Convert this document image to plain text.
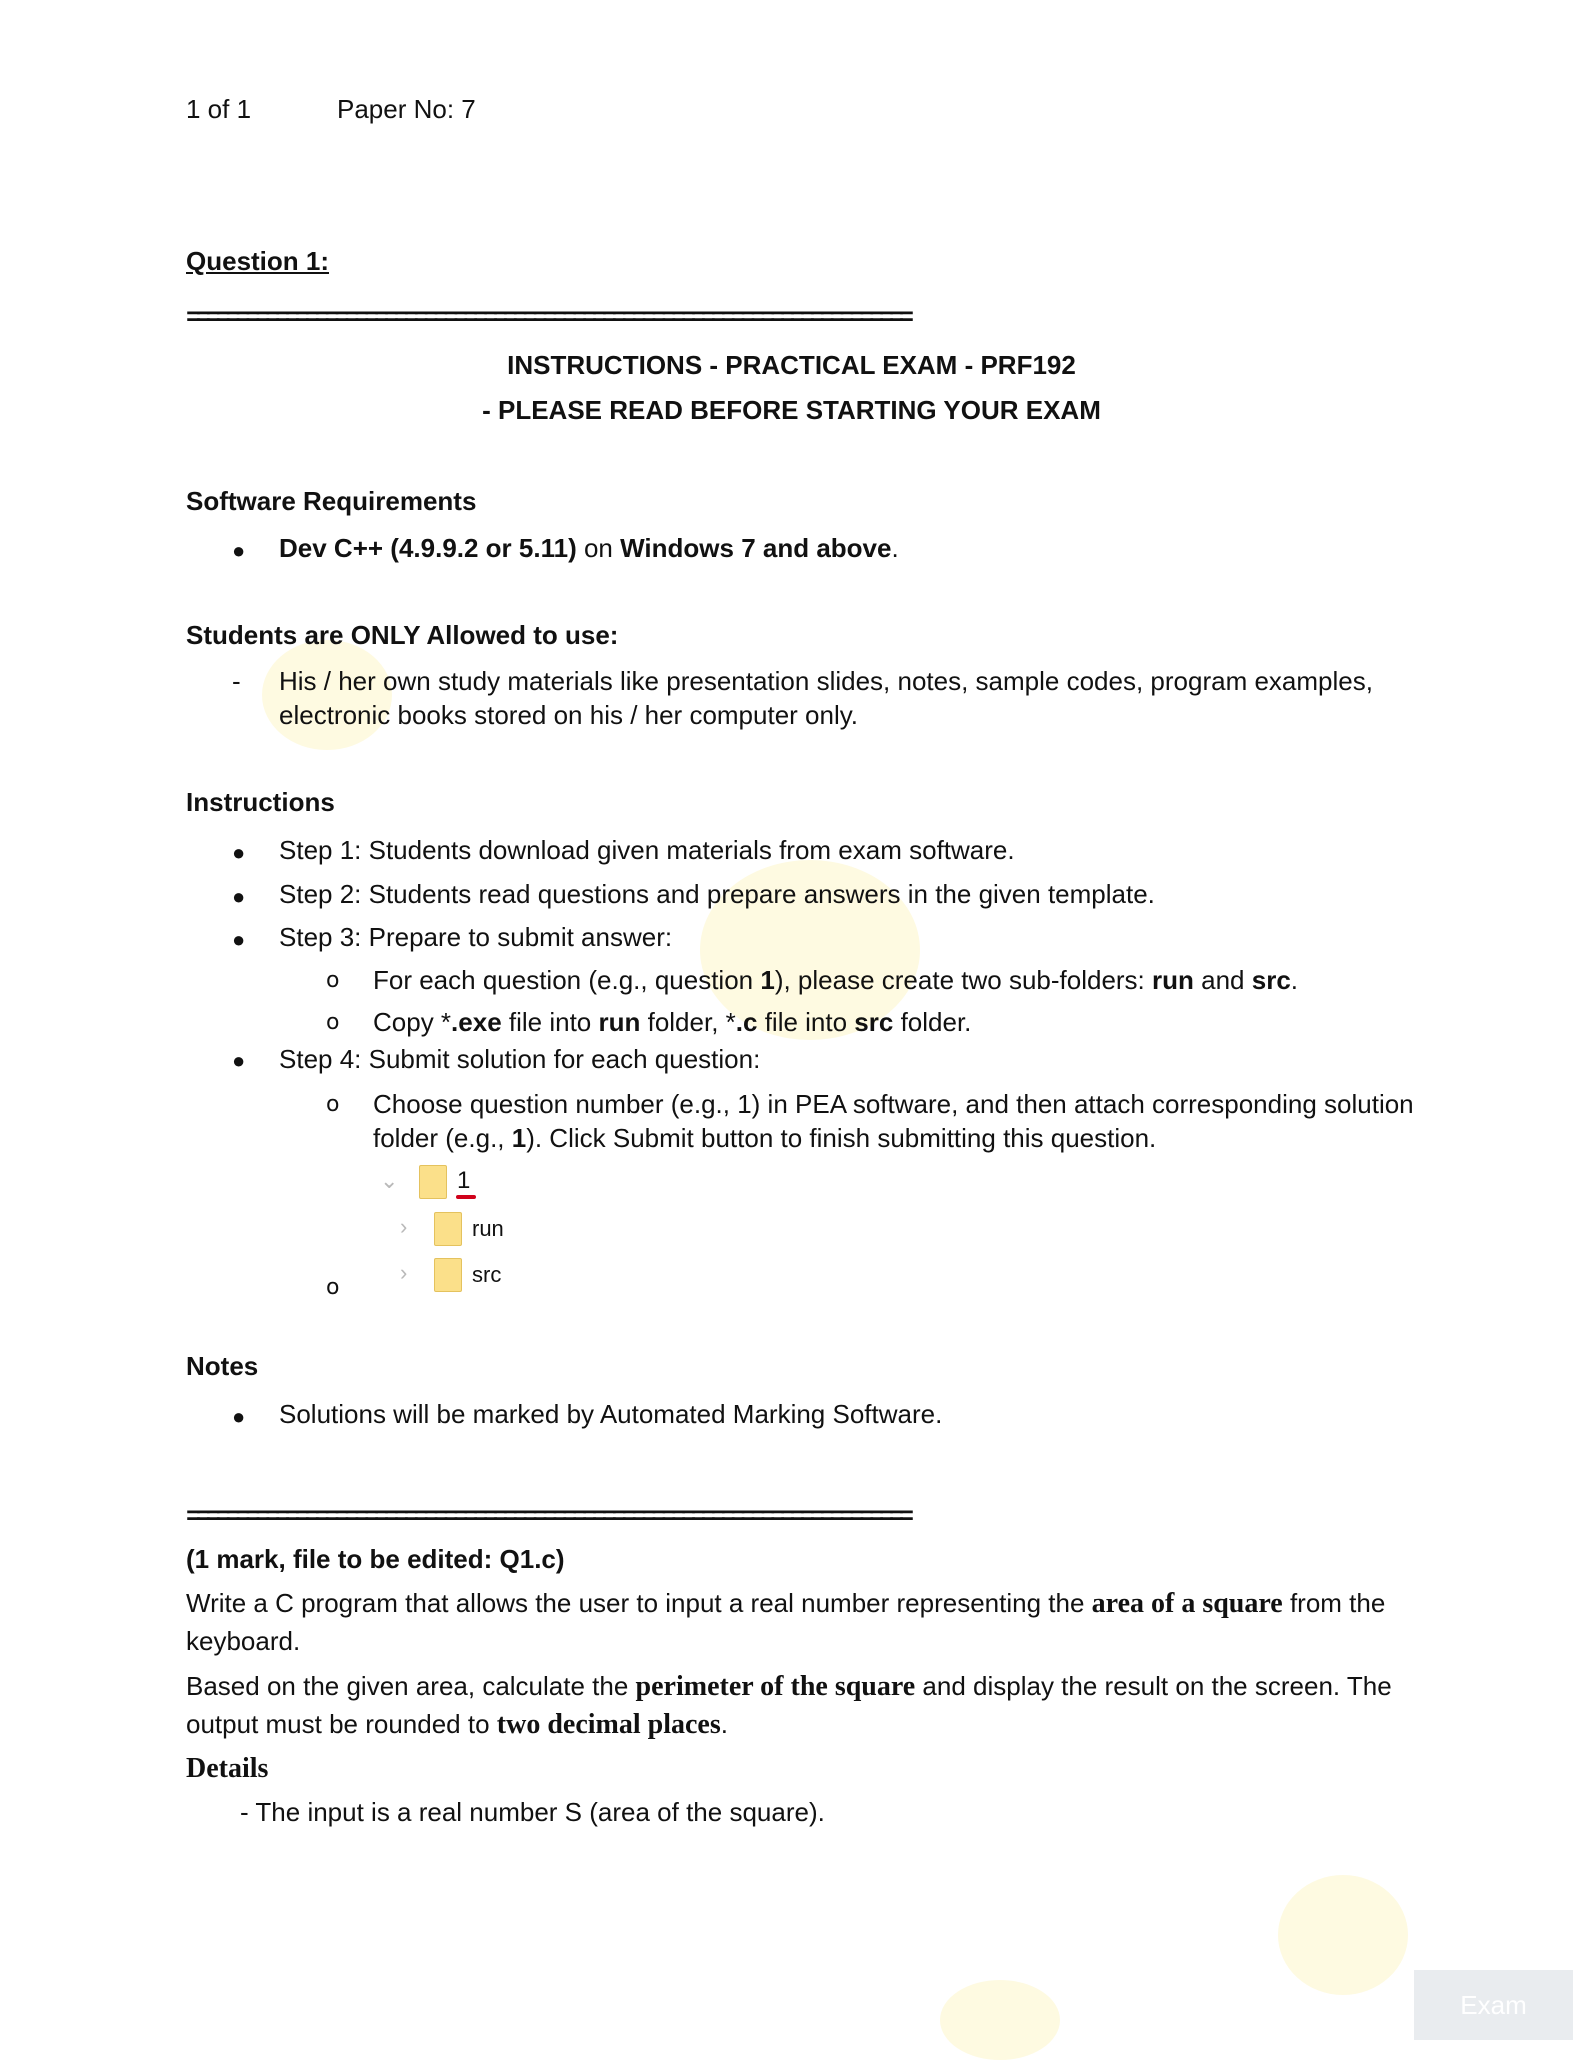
1 of 1	Paper No: 7
Question 1:
=========================================================================
INSTRUCTIONS - PRACTICAL EXAM - PRF192
- PLEASE READ BEFORE STARTING YOUR EXAM
Software Requirements
● Dev C++ (4.9.9.2 or 5.11) on Windows 7 and above.
Students are ONLY Allowed to use:
- His / her own study materials like presentation slides, notes, sample codes, program examples,
electronic books stored on his / her computer only.
Instructions
● Step 1: Students download given materials from exam software.
● Step 2: Students read questions and prepare answers in the given template.
● Step 3: Prepare to submit answer:
o For each question (e.g., question 1), please create two sub-folders: run and src.
o Copy *.exe file into run folder, *.c file into src folder.
● Step 4: Submit solution for each question:
o Choose question number (e.g., 1) in PEA software, and then attach corresponding solution
folder (e.g., 1). Click Submit button to finish submitting this question.
⌄ 1
›	run
›	src
o
Notes
● Solutions will be marked by Automated Marking Software.
=========================================================================
(1 mark, file to be edited: Q1.c)
Write a C program that allows the user to input a real number representing the area of a square from the
keyboard.
Based on the given area, calculate the perimeter of the square and display the result on the screen. The
output must be rounded to two decimal places.
Details
- The input is a real number S (area of the square).
Exam
